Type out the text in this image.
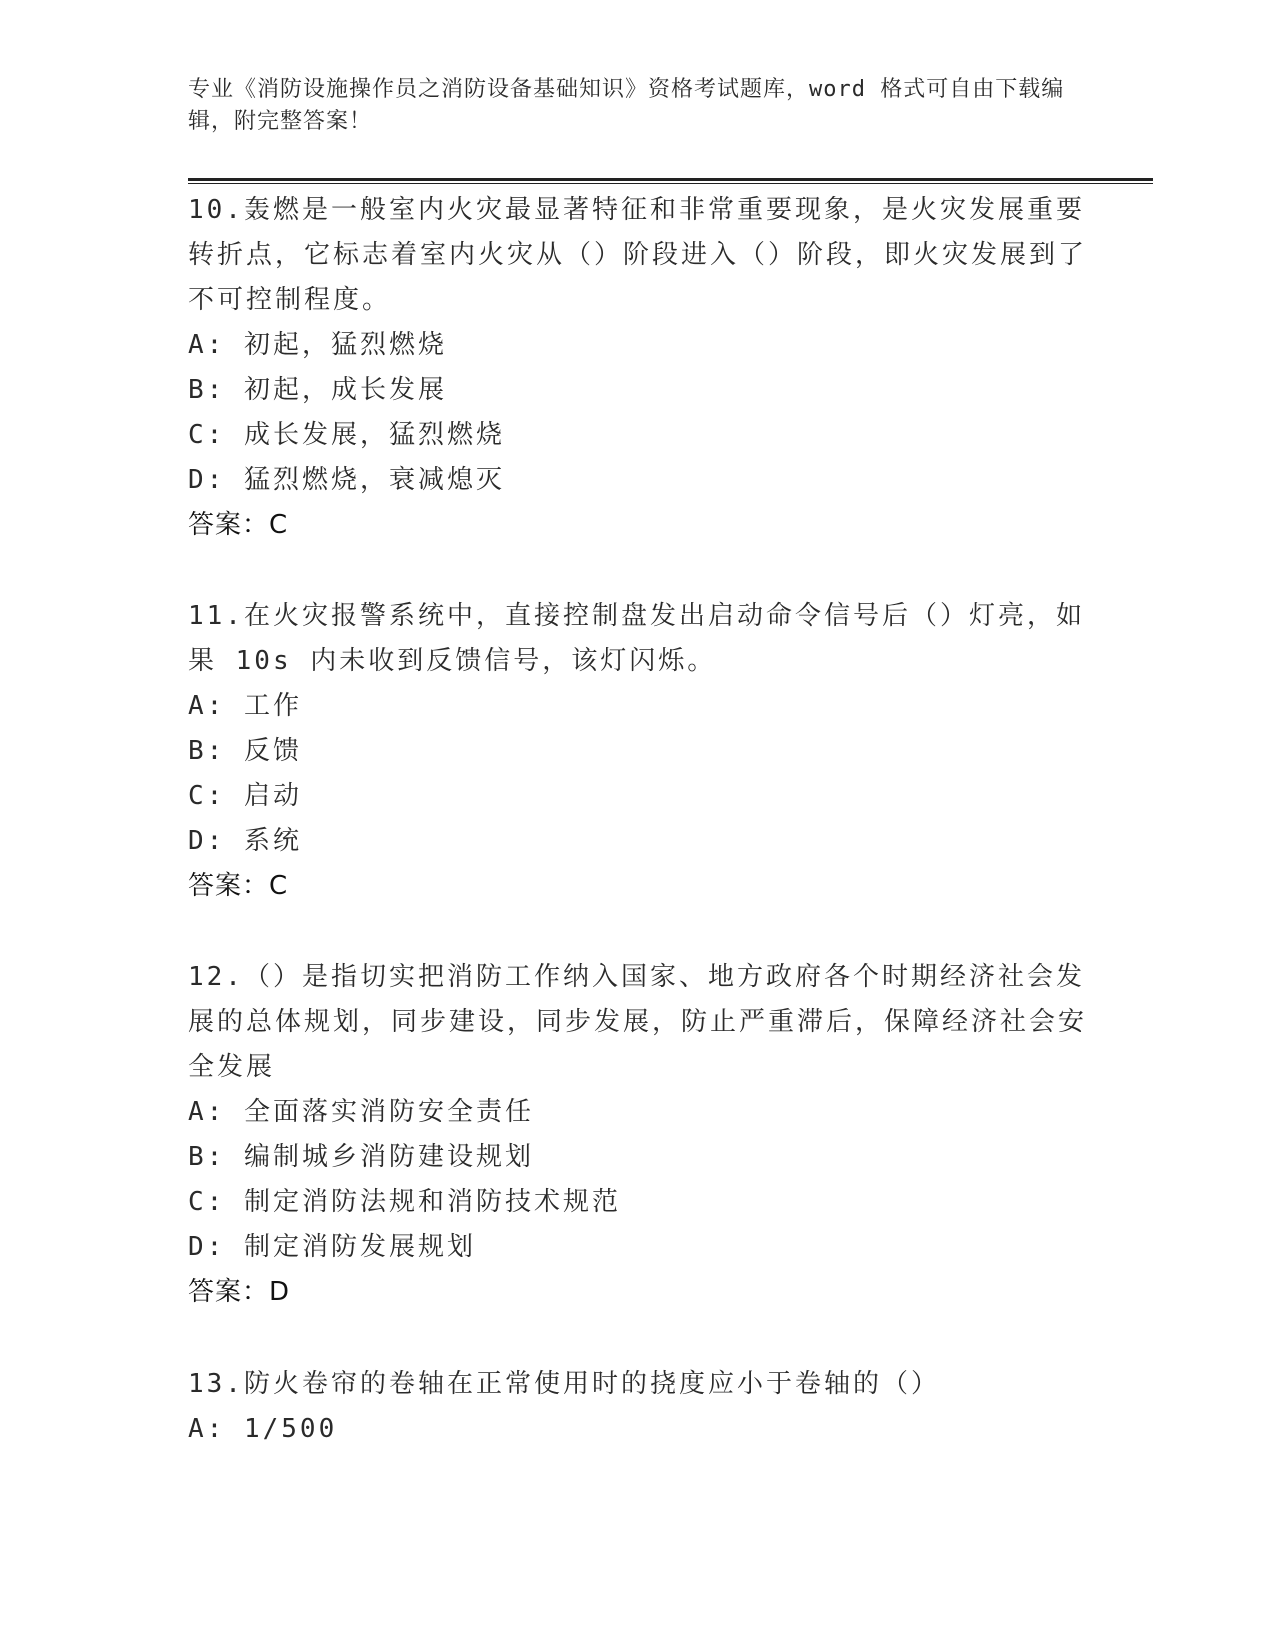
专业《消防设施操作员之消防设备基础知识》资格考试题库，word 格式可自由下载编辑，附完整答案！

10.轰燃是一般室内火灾最显著特征和非常重要现象，是火灾发展重要转折点，它标志着室内火灾从（）阶段进入（）阶段，即火灾发展到了不可控制程度。

A: 初起，猛烈燃烧

B: 初起，成长发展

C: 成长发展，猛烈燃烧

D: 猛烈燃烧，衰减熄灭

答案：C

11.在火灾报警系统中，直接控制盘发出启动命令信号后（）灯亮，如果 10s 内未收到反馈信号，该灯闪烁。

A: 工作

B: 反馈

C: 启动

D: 系统

答案：C

12.（）是指切实把消防工作纳入国家、地方政府各个时期经济社会发展的总体规划，同步建设，同步发展，防止严重滞后，保障经济社会安全发展

A: 全面落实消防安全责任

B: 编制城乡消防建设规划

C: 制定消防法规和消防技术规范

D: 制定消防发展规划

答案：D

13.防火卷帘的卷轴在正常使用时的挠度应小于卷轴的（）

A: 1/500
